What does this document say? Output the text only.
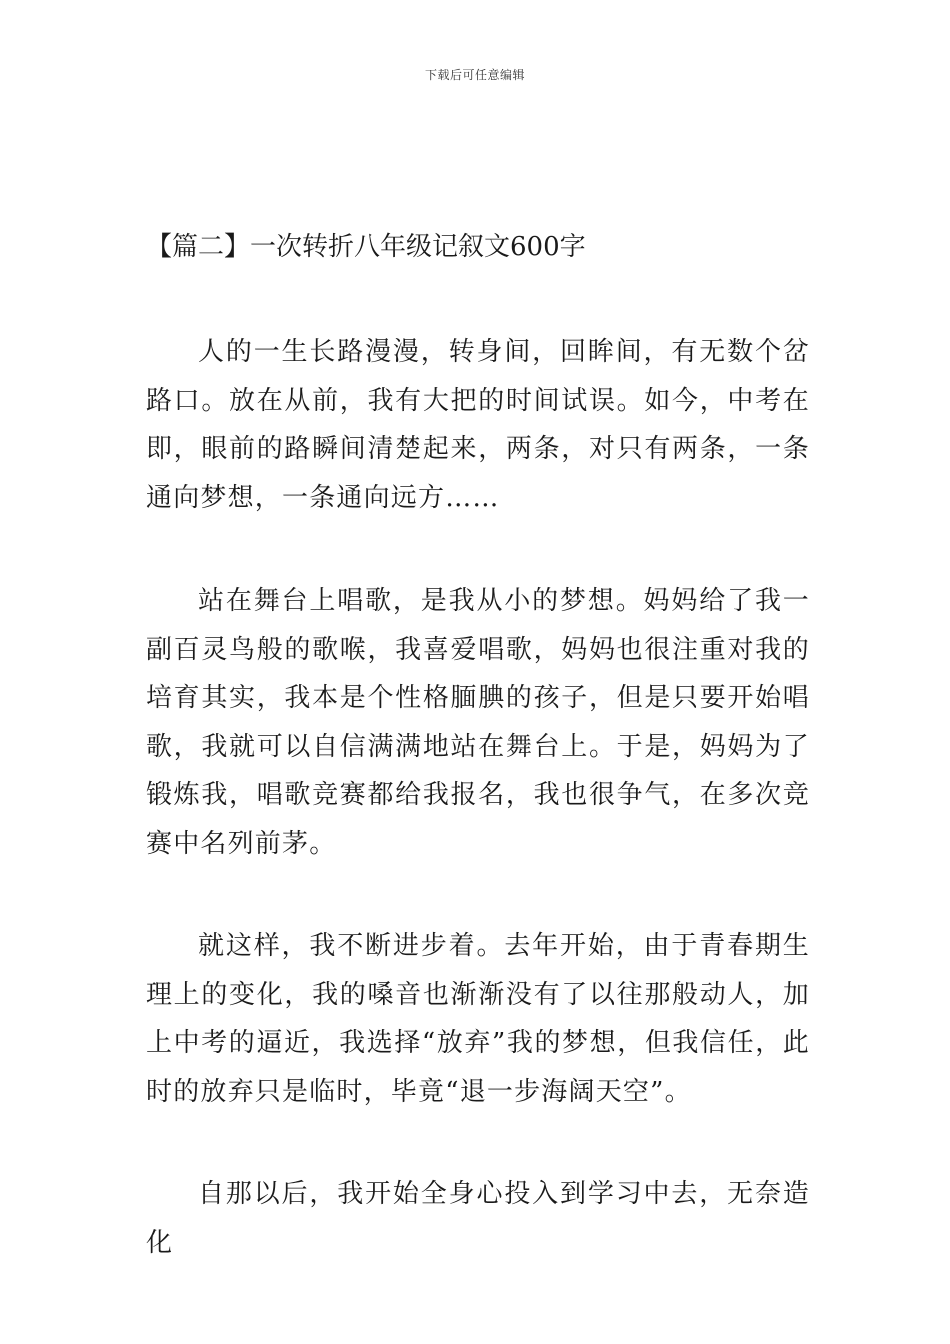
下载后可任意编辑
【篇二】一次转折八年级记叙文600字

人的一生长路漫漫，转身间，回眸间，有无数个岔路口。放在从前，我有大把的时间试误。如今，中考在即，眼前的路瞬间清楚起来，两条，对只有两条，一条通向梦想，一条通向远方……

站在舞台上唱歌，是我从小的梦想。妈妈给了我一副百灵鸟般的歌喉，我喜爱唱歌，妈妈也很注重对我的培育其实，我本是个性格腼腆的孩子，但是只要开始唱歌，我就可以自信满满地站在舞台上。于是，妈妈为了锻炼我，唱歌竞赛都给我报名，我也很争气，在多次竞赛中名列前茅。

就这样，我不断进步着。去年开始，由于青春期生理上的变化，我的嗓音也渐渐没有了以往那般动人，加上中考的逼近，我选择“放弃”我的梦想，但我信任，此时的放弃只是临时，毕竟“退一步海阔天空”。

自那以后，我开始全身心投入到学习中去，无奈造化
